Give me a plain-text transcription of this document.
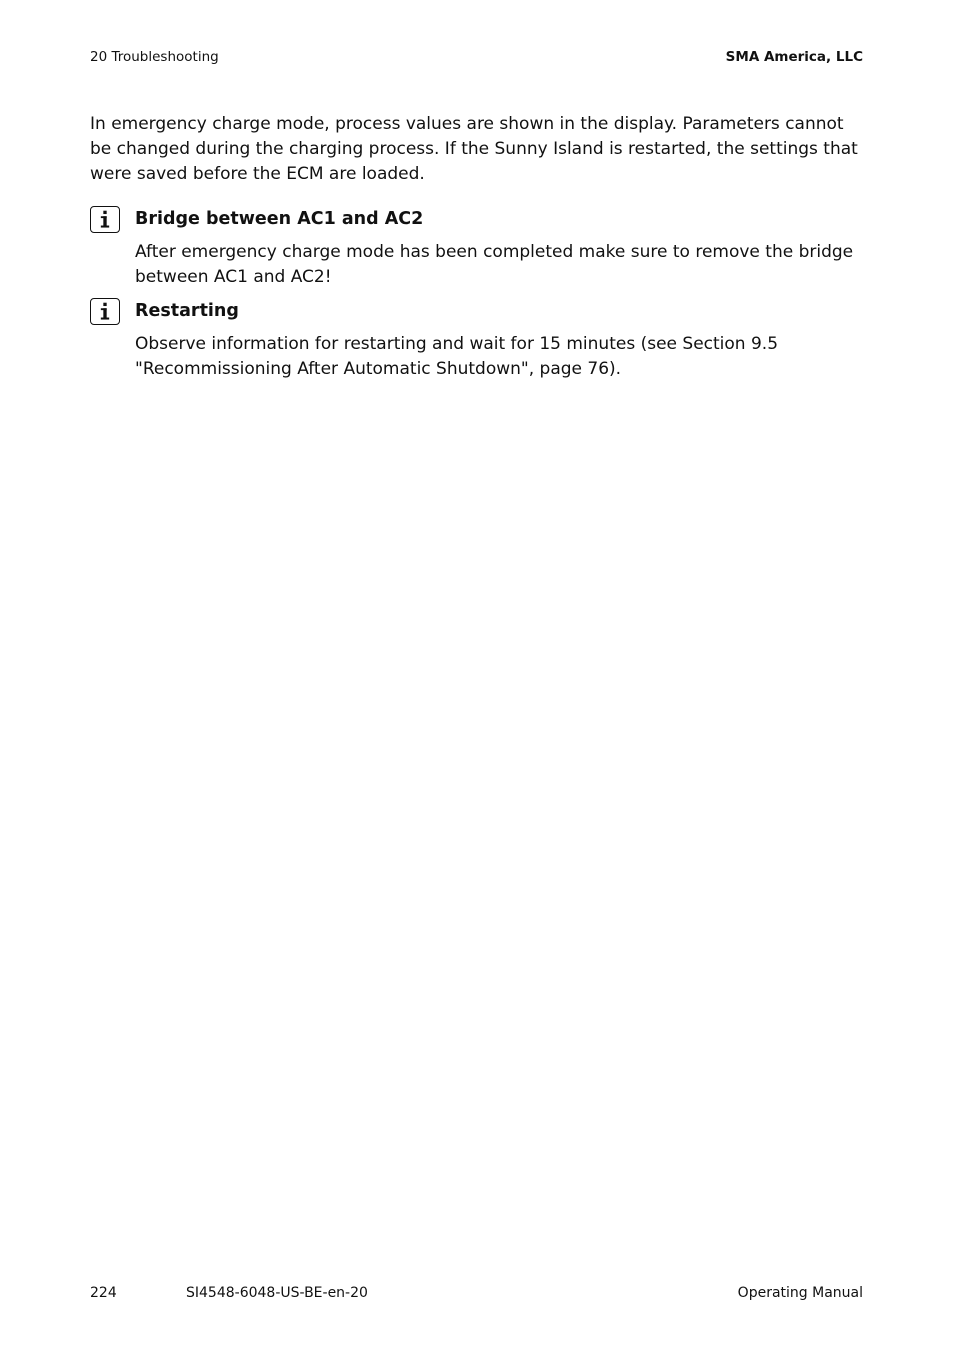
20 Troubleshooting	SMA America, LLC
In emergency charge mode, process values are shown in the display. Parameters cannot be changed during the charging process. If the Sunny Island is restarted, the settings that were saved before the ECM are loaded.
Bridge between AC1 and AC2
After emergency charge mode has been completed make sure to remove the bridge between AC1 and AC2!
Restarting
Observe information for restarting and wait for 15 minutes (see Section 9.5 "Recommissioning After Automatic Shutdown", page 76).
224	SI4548-6048-US-BE-en-20	Operating Manual
